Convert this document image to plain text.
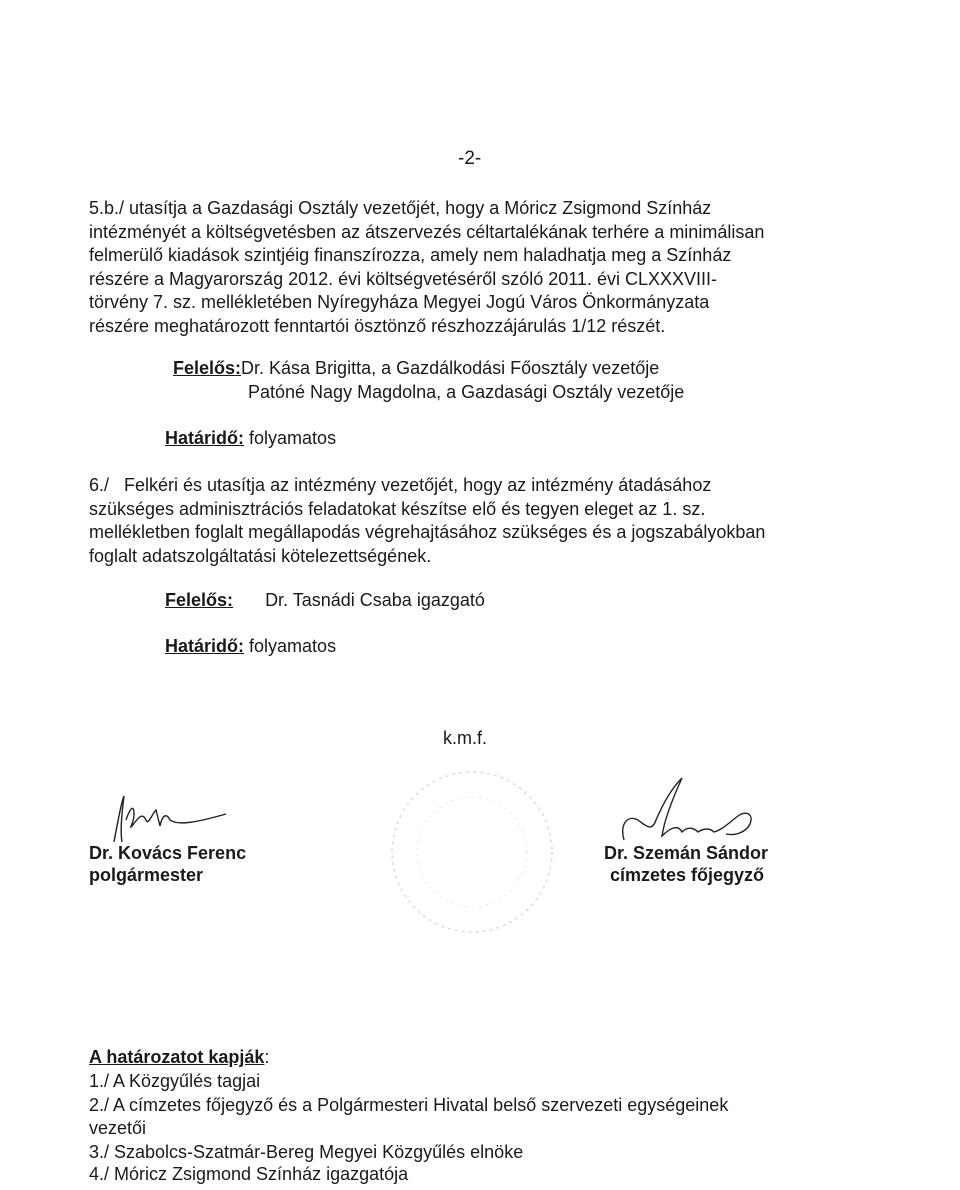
-2-
5.b./ utasítja a Gazdasági Osztály vezetőjét, hogy a Móricz Zsigmond Színház
intézményét a költségvetésben az átszervezés céltartalékának terhére a minimálisan
felmerülő kiadások szintjéig finanszírozza, amely nem haladhatja meg a Színház
részére a Magyarország 2012. évi költségvetéséről szóló 2011. évi CLXXXVIII-
törvény 7. sz. mellékletében Nyíregyháza Megyei Jogú Város Önkormányzata
részére meghatározott fenntartói ösztönző részhozzájárulás 1/12 részét.
Felelős:Dr. Kása Brigitta, a Gazdálkodási Főosztály vezetője
Patóné Nagy Magdolna, a Gazdasági Osztály vezetője
Határidő: folyamatos
6./   Felkéri és utasítja az intézmény vezetőjét, hogy az intézmény átadásához
szükséges adminisztrációs feladatokat készítse elő és tegyen eleget az 1. sz.
mellékletben foglalt megállapodás végrehajtásához szükséges és a jogszabályokban
foglalt adatszolgáltatási kötelezettségének.
Felelős: Dr. Tasnádi Csaba igazgató
Határidő: folyamatos
k.m.f.
Dr. Kovács Ferenc
polgármester
Dr. Szemán Sándor
címzetes főjegyző
A határozatot kapják:
1./ A Közgyűlés tagjai
2./ A címzetes főjegyző és a Polgármesteri Hivatal belső szervezeti egységeinek
vezetői
3./ Szabolcs-Szatmár-Bereg Megyei Közgyűlés elnöke
4./ Móricz Zsigmond Színház igazgatója
